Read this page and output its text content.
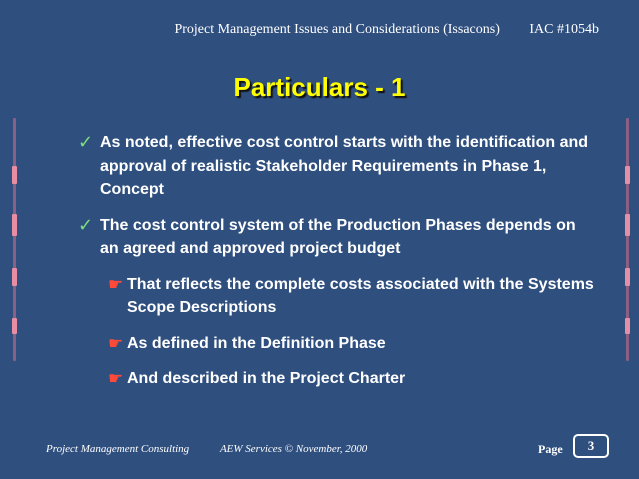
Project Management Issues and Considerations (Issacons) IAC #1054b
Particulars - 1
✓ As noted, effective cost control starts with the identification and approval of realistic Stakeholder Requirements in Phase 1, Concept
✓ The cost control system of the Production Phases depends on an agreed and approved project budget
☛ That reflects the complete costs associated with the Systems Scope Descriptions
☛ As defined in the Definition Phase
☛ And described in the Project Charter
Project Management Consulting	AEW Services © November, 2000	Page 3
